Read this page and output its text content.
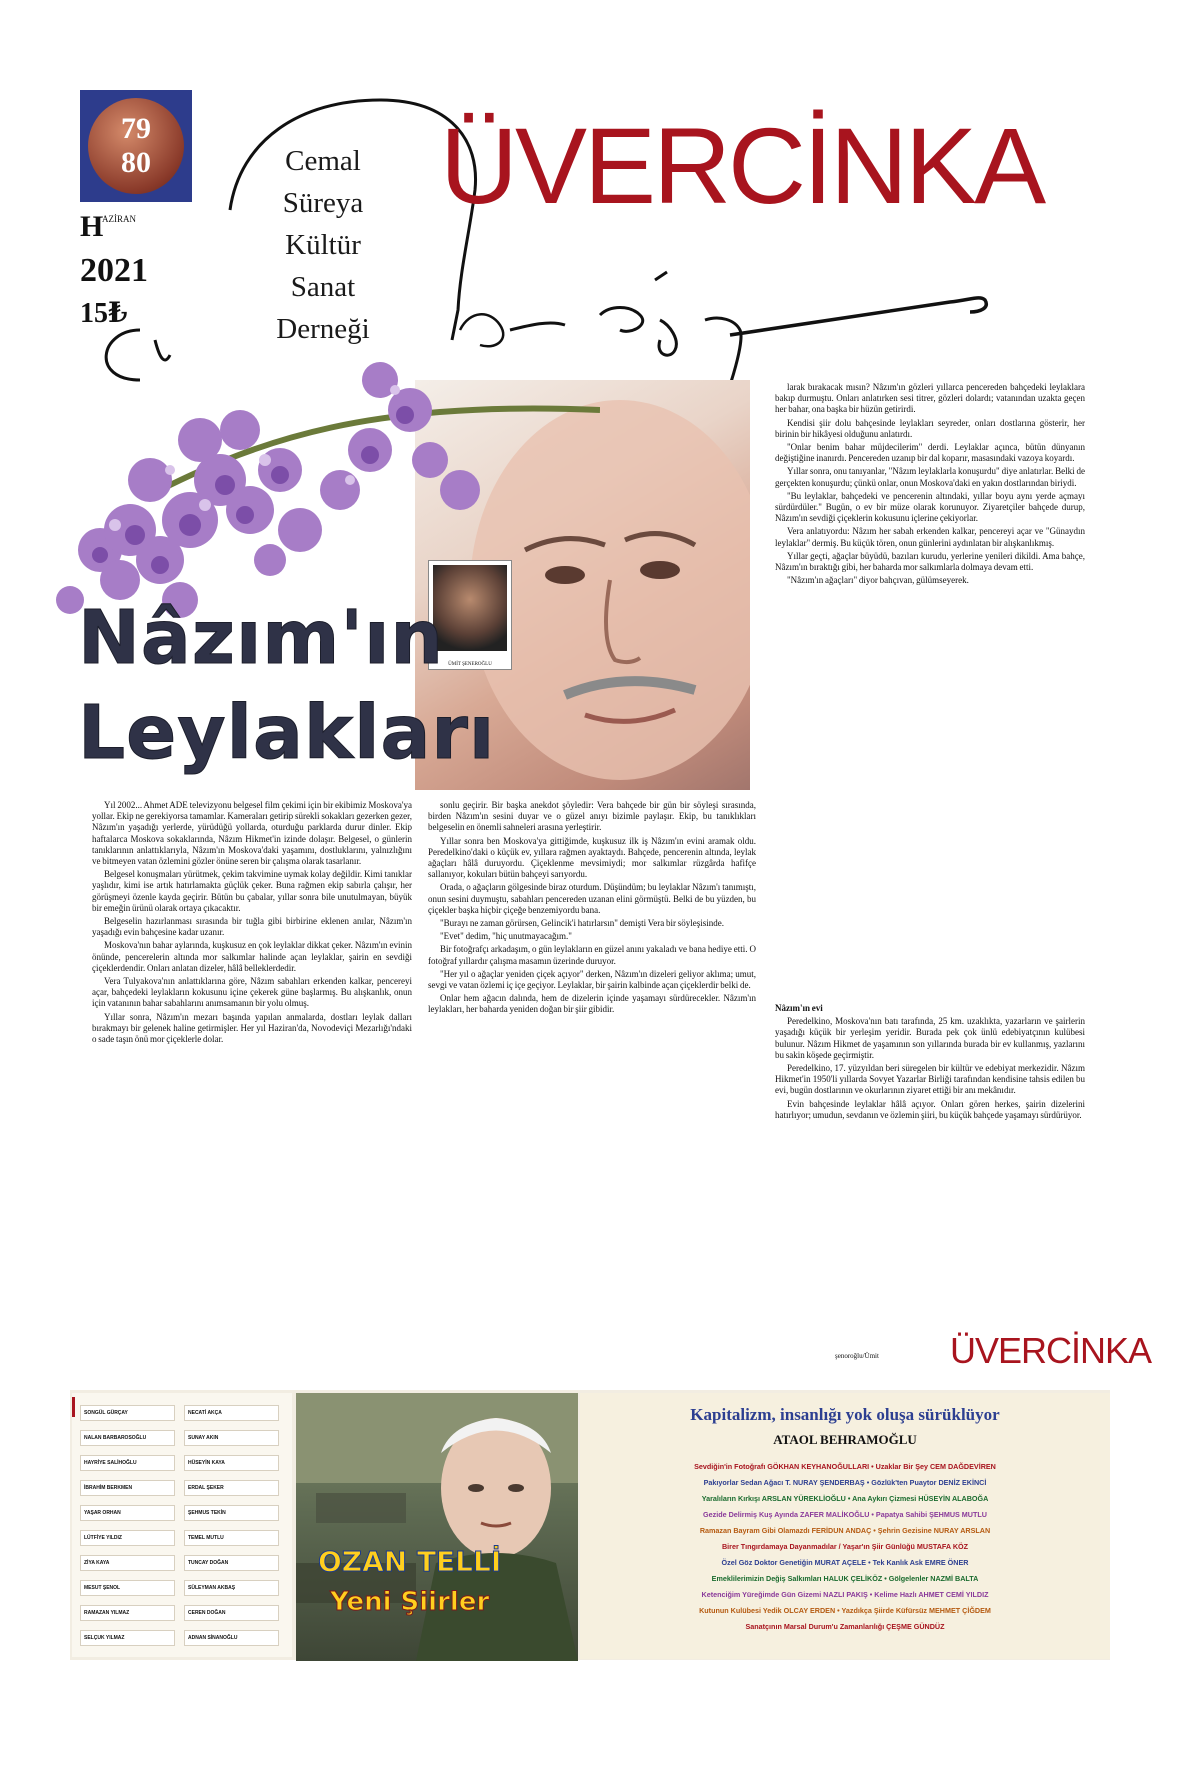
79
80
H
AZİRAN
2021
15₺
Cemal
Süreya
Kültür
Sanat
Derneği
ÜVERCİNKA
ÜMİT ŞENEROĞLU
Nâzım'ın
Leylakları

Yıl 2002... Ahmet ADE televizyonu belgesel film çekimi için bir ekibimiz Moskova'ya yollar. Ekip ne gerekiyorsa tamamlar. Kameraları getirip sürekli sokakları gezerken gezer, Nâzım'ın yaşadığı yerlerde, yürüdüğü yollarda, oturduğu parklarda durur dinler. Ekip haftalarca Moskova sokaklarında, Nâzım Hikmet'in izinde dolaşır. Belgesel, o günlerin tanıklarının anlattıklarıyla, Nâzım'ın Moskova'daki yaşamını, dostluklarını, yalnızlığını ve bitmeyen vatan özlemini gözler önüne seren bir çalışma olarak tasarlanır.

Belgesel konuşmaları yürütmek, çekim takvimine uymak kolay değildir. Kimi tanıklar yaşlıdır, kimi ise artık hatırlamakta güçlük çeker. Buna rağmen ekip sabırla çalışır, her görüşmeyi özenle kayda geçirir. Bütün bu çabalar, yıllar sonra bile unutulmayan, büyük bir emeğin ürünü olarak ortaya çıkacaktır.

Belgeselin hazırlanması sırasında bir tuğla gibi birbirine eklenen anılar, Nâzım'ın yaşadığı evin bahçesine kadar uzanır.

Moskova'nın bahar aylarında, kuşkusuz en çok leylaklar dikkat çeker. Nâzım'ın evinin önünde, pencerelerin altında mor salkımlar halinde açan leylaklar, şairin en sevdiği çiçeklerdendir. Onları anlatan dizeler, hâlâ belleklerdedir.

Vera Tulyakova'nın anlattıklarına göre, Nâzım sabahları erkenden kalkar, pencereyi açar, bahçedeki leylakların kokusunu içine çekerek güne başlarmış. Bu alışkanlık, onun için vatanının bahar sabahlarını anımsamanın bir yolu olmuş.

Yıllar sonra, Nâzım'ın mezarı başında yapılan anmalarda, dostları leylak dalları bırakmayı bir gelenek haline getirmişler. Her yıl Haziran'da, Novodeviçi Mezarlığı'ndaki o sade taşın önü mor çiçeklerle dolar.

sonlu geçirir. Bir başka anekdot şöyledir: Vera bahçede bir gün bir söyleşi sırasında, birden Nâzım'ın sesini duyar ve o güzel anıyı bizimle paylaşır. Ekip, bu tanıklıkları belgeselin en önemli sahneleri arasına yerleştirir.

Yıllar sonra ben Moskova'ya gittiğimde, kuşkusuz ilk iş Nâzım'ın evini aramak oldu. Peredelkino'daki o küçük ev, yıllara rağmen ayaktaydı. Bahçede, pencerenin altında, leylak ağaçları hâlâ duruyordu. Çiçeklenme mevsimiydi; mor salkımlar rüzgârda hafifçe sallanıyor, kokuları bütün bahçeyi sarıyordu.

Orada, o ağaçların gölgesinde biraz oturdum. Düşündüm; bu leylaklar Nâzım'ı tanımıştı, onun sesini duymuştu, sabahları pencereden uzanan elini görmüştü. Belki de bu yüzden, bu çiçekler başka hiçbir çiçeğe benzemiyordu bana.

"Burayı ne zaman görürsen, Gelincik'i hatırlarsın" demişti Vera bir söyleşisinde.

"Evet" dedim, "hiç unutmayacağım."

Bir fotoğrafçı arkadaşım, o gün leylakların en güzel anını yakaladı ve bana hediye etti. O fotoğraf yıllardır çalışma masamın üzerinde duruyor.

"Her yıl o ağaçlar yeniden çiçek açıyor" derken, Nâzım'ın dizeleri geliyor aklıma; umut, sevgi ve vatan özlemi iç içe geçiyor. Leylaklar, bir şairin kalbinde açan çiçeklerdir belki de.

Onlar hem ağacın dalında, hem de dizelerin içinde yaşamayı sürdürecekler. Nâzım'ın leylakları, her baharda yeniden doğan bir şiir gibidir.

larak bırakacak mısın? Nâzım'ın gözleri yıllarca pencereden bahçedeki leylaklara bakıp durmuştu. Onları anlatırken sesi titrer, gözleri dolardı; vatanından uzakta geçen her bahar, ona başka bir hüzün getirirdi.

Kendisi şiir dolu bahçesinde leylakları seyreder, onları dostlarına gösterir, her birinin bir hikâyesi olduğunu anlatırdı.

"Onlar benim bahar müjdecilerim" derdi. Leylaklar açınca, bütün dünyanın değiştiğine inanırdı. Pencereden uzanıp bir dal koparır, masasındaki vazoya koyardı.

Yıllar sonra, onu tanıyanlar, "Nâzım leylaklarla konuşurdu" diye anlatırlar. Belki de gerçekten konuşurdu; çünkü onlar, onun Moskova'daki en yakın dostlarından biriydi.

"Bu leylaklar, bahçedeki ve pencerenin altındaki, yıllar boyu aynı yerde açmayı sürdürdüler." Bugün, o ev bir müze olarak korunuyor. Ziyaretçiler bahçede durup, Nâzım'ın sevdiği çiçeklerin kokusunu içlerine çekiyorlar.

Vera anlatıyordu: Nâzım her sabah erkenden kalkar, pencereyi açar ve "Günaydın leylaklar" dermiş. Bu küçük tören, onun günlerini aydınlatan bir alışkanlıkmış.

Yıllar geçti, ağaçlar büyüdü, bazıları kurudu, yerlerine yenileri dikildi. Ama bahçe, Nâzım'ın bıraktığı gibi, her baharda mor salkımlarla dolmaya devam etti.

"Nâzım'ın ağaçları" diyor bahçıvan, gülümseyerek.

Nâzım'ın evi

Peredelkino, Moskova'nın batı tarafında, 25 km. uzaklıkta, yazarların ve şairlerin yaşadığı küçük bir yerleşim yeridir. Burada pek çok ünlü edebiyatçının kulübesi bulunur. Nâzım Hikmet de yaşamının son yıllarında burada bir ev kullanmış, yazlarını bu sakin köşede geçirmiştir.

Peredelkino, 17. yüzyıldan beri süregelen bir kültür ve edebiyat merkezidir. Nâzım Hikmet'in 1950'li yıllarda Sovyet Yazarlar Birliği tarafından kendisine tahsis edilen bu evi, bugün dostlarının ve okurlarının ziyaret ettiği bir anı mekânıdır.

Evin bahçesinde leylaklar hâlâ açıyor. Onları gören herkes, şairin dizelerini hatırlıyor; umudun, sevdanın ve özlemin şiiri, bu küçük bahçede yaşamayı sürdürüyor.

şenoroğlu/Ümit ÜVERCİNKA
SONGÜL GÜRÇAY
NALAN BARBAROSOĞLU
HAYRİYE SALİHOĞLU
İBRAHİM BERKMEN
YAŞAR ORHAN
LÜTFİYE YILDIZ
ZİYA KAYA
MESUT ŞENOL
RAMAZAN YILMAZ
SELÇUK YILMAZ
NECATİ AKÇA
SUNAY AKIN
HÜSEYİN KAYA
ERDAL ŞEKER
ŞEHMUS TEKİN
TEMEL MUTLU
TUNCAY DOĞAN
SÜLEYMAN AKBAŞ
CEREN DOĞAN
ADNAN SİNANOĞLU
OZAN TELLİ
Yeni Şiirler
Kapitalizm, insanlığı yok oluşa sürüklüyor
ATAOL BEHRAMOĞLU
Sevdiğin'in Fotoğrafı GÖKHAN KEYHANOĞULLARI • Uzaklar Bir Şey CEM DAĞDEVİREN
Pakıyorlar Sedan Ağacı T. NURAY ŞENDERBAŞ • Gözlük'ten Puaytor DENİZ EKİNCİ
Yaralıların Kırkışı ARSLAN YÜREKLİOĞLU • Ana Aykırı Çizmesi HÜSEYİN ALABOĞA
Gezide Delirmiş Kuş Ayında ZAFER MALİKOĞLU • Papatya Sahibi ŞEHMUS MUTLU
Ramazan Bayram Gibi Olamazdı FERİDUN ANDAÇ • Şehrin Gezisine NURAY ARSLAN
Birer Tıngırdamaya Dayanmadılar / Yaşar'ın Şiir Günlüğü MUSTAFA KÖZ
Özel Göz Doktor Genetiğin MURAT AÇELE • Tek Kanlık Ask EMRE ÖNER
Emeklilerimizin Değiş Salkımları HALUK ÇELİKÖZ • Gölgelenler NAZMİ BALTA
Ketenciğim Yüreğimde Gün Gizemi NAZLI PAKIŞ • Kelime Hazlı AHMET CEMİ YILDIZ
Kutunun Kulübesi Yedik OLCAY ERDEN • Yazdıkça Şiirde Küfürsüz MEHMET ÇİĞDEM
Sanatçının Marsal Durum'u Zamanlarılığı ÇEŞME GÜNDÜZ
